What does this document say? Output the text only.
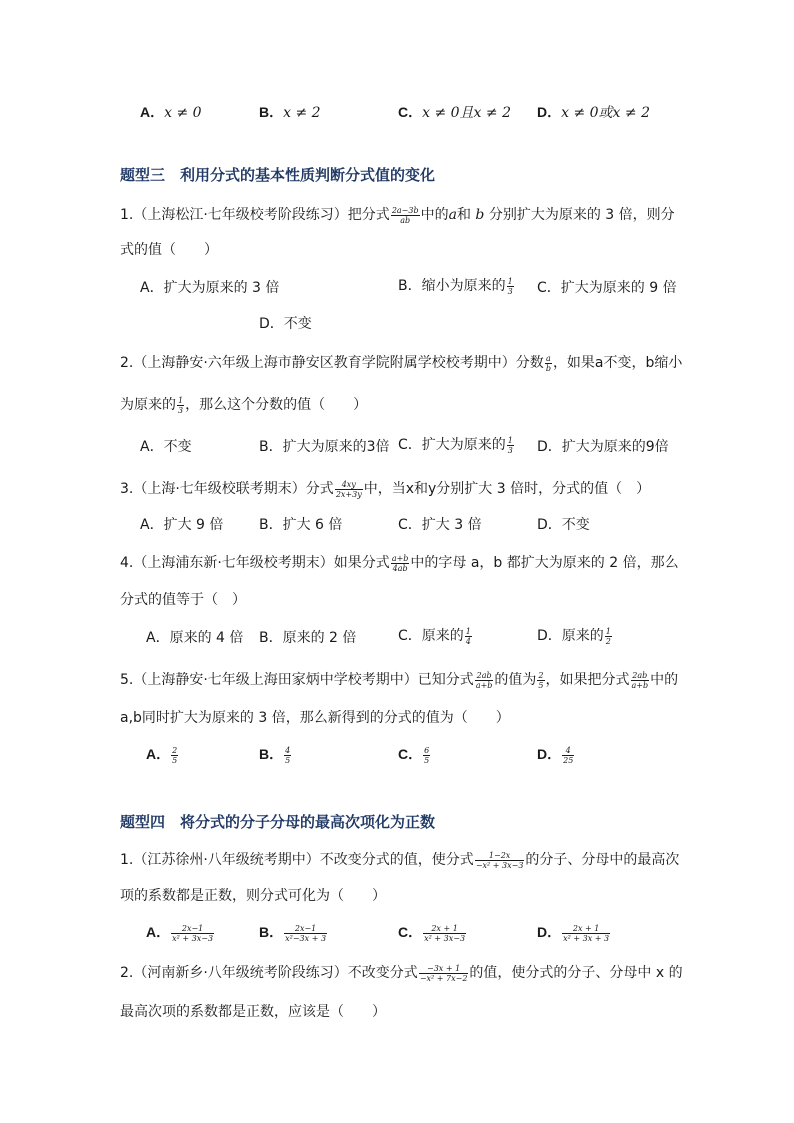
A．x ≠ 0	B．x ≠ 2	C．x ≠ 0且x ≠ 2 D．x ≠ 0或x ≠ 2
题型三　利用分式的基本性质判断分式值的变化
1.（上海松江·七年级校考阶段练习）把分式 $\frac{2a-3b}{ab}$ 中的a和 b 分别扩大为原来的 3 倍，则分
式的值（　　）
A．扩大为原来的 3 倍	B．缩小为原来的 $\frac{1}{3}$ C．扩大为原来的 9 倍
D．不变
2.（上海静安·六年级上海市静安区教育学院附属学校校考期中）分数 $\frac{a}{b}$ ，如果a不变，b缩小
为原来的 $\frac{1}{3}$ ，那么这个分数的值（　　）
A．不变	B．扩大为原来的3倍 C．扩大为原来的 $\frac{1}{3}$ D．扩大为原来的9倍
3.（上海·七年级校联考期末）分式 $\frac{4xy}{2x+3y}$ 中，当x和y分别扩大 3 倍时，分式的值（　）
A．扩大 9 倍	B．扩大 6 倍	C．扩大 3 倍	D．不变
4.（上海浦东新·七年级校考期末）如果分式 $\frac{a+b}{4ab}$ 中的字母 a，b 都扩大为原来的 2 倍，那么
分式的值等于（　）
A．原来的 4 倍 B．原来的 2 倍	C．原来的 $\frac{1}{4}$	D．原来的 $\frac{1}{2}$
5.（上海静安·七年级上海田家炳中学校考期中）已知分式 $\frac{2ab}{a+b}$ 的值为 $\frac{2}{5}$ ，如果把分式 $\frac{2ab}{a+b}$ 中的
a,b同时扩大为原来的 3 倍，那么新得到的分式的值为（　　）
A． $\frac{2}{5}$	B． $\frac{4}{5}$	C． $\frac{6}{5}$	D． $\frac{4}{25}$
题型四　将分式的分子分母的最高次项化为正数
1.（江苏徐州·八年级统考期中）不改变分式的值，使分式 $\frac{1-2x}{\text{−x² + 3x−3}}$ 的分子、分母中的最高次
项的系数都是正数，则分式可化为（　　）
A． $\frac{2x-1}{\text{x² + 3x−3}}$	B． $\frac{2x-1}{\text{x²−3x + 3}}$	C． $\frac{2x + 1}{\text{x² + 3x−3}}$	D． $\frac{2x + 1}{\text{x² + 3x + 3}}$
2.（河南新乡·八年级统考阶段练习）不改变分式 $\frac{-3x + 1}{\text{−x² + 7x−2}}$ 的值，使分式的分子、分母中 x 的
最高次项的系数都是正数，应该是（　　）
